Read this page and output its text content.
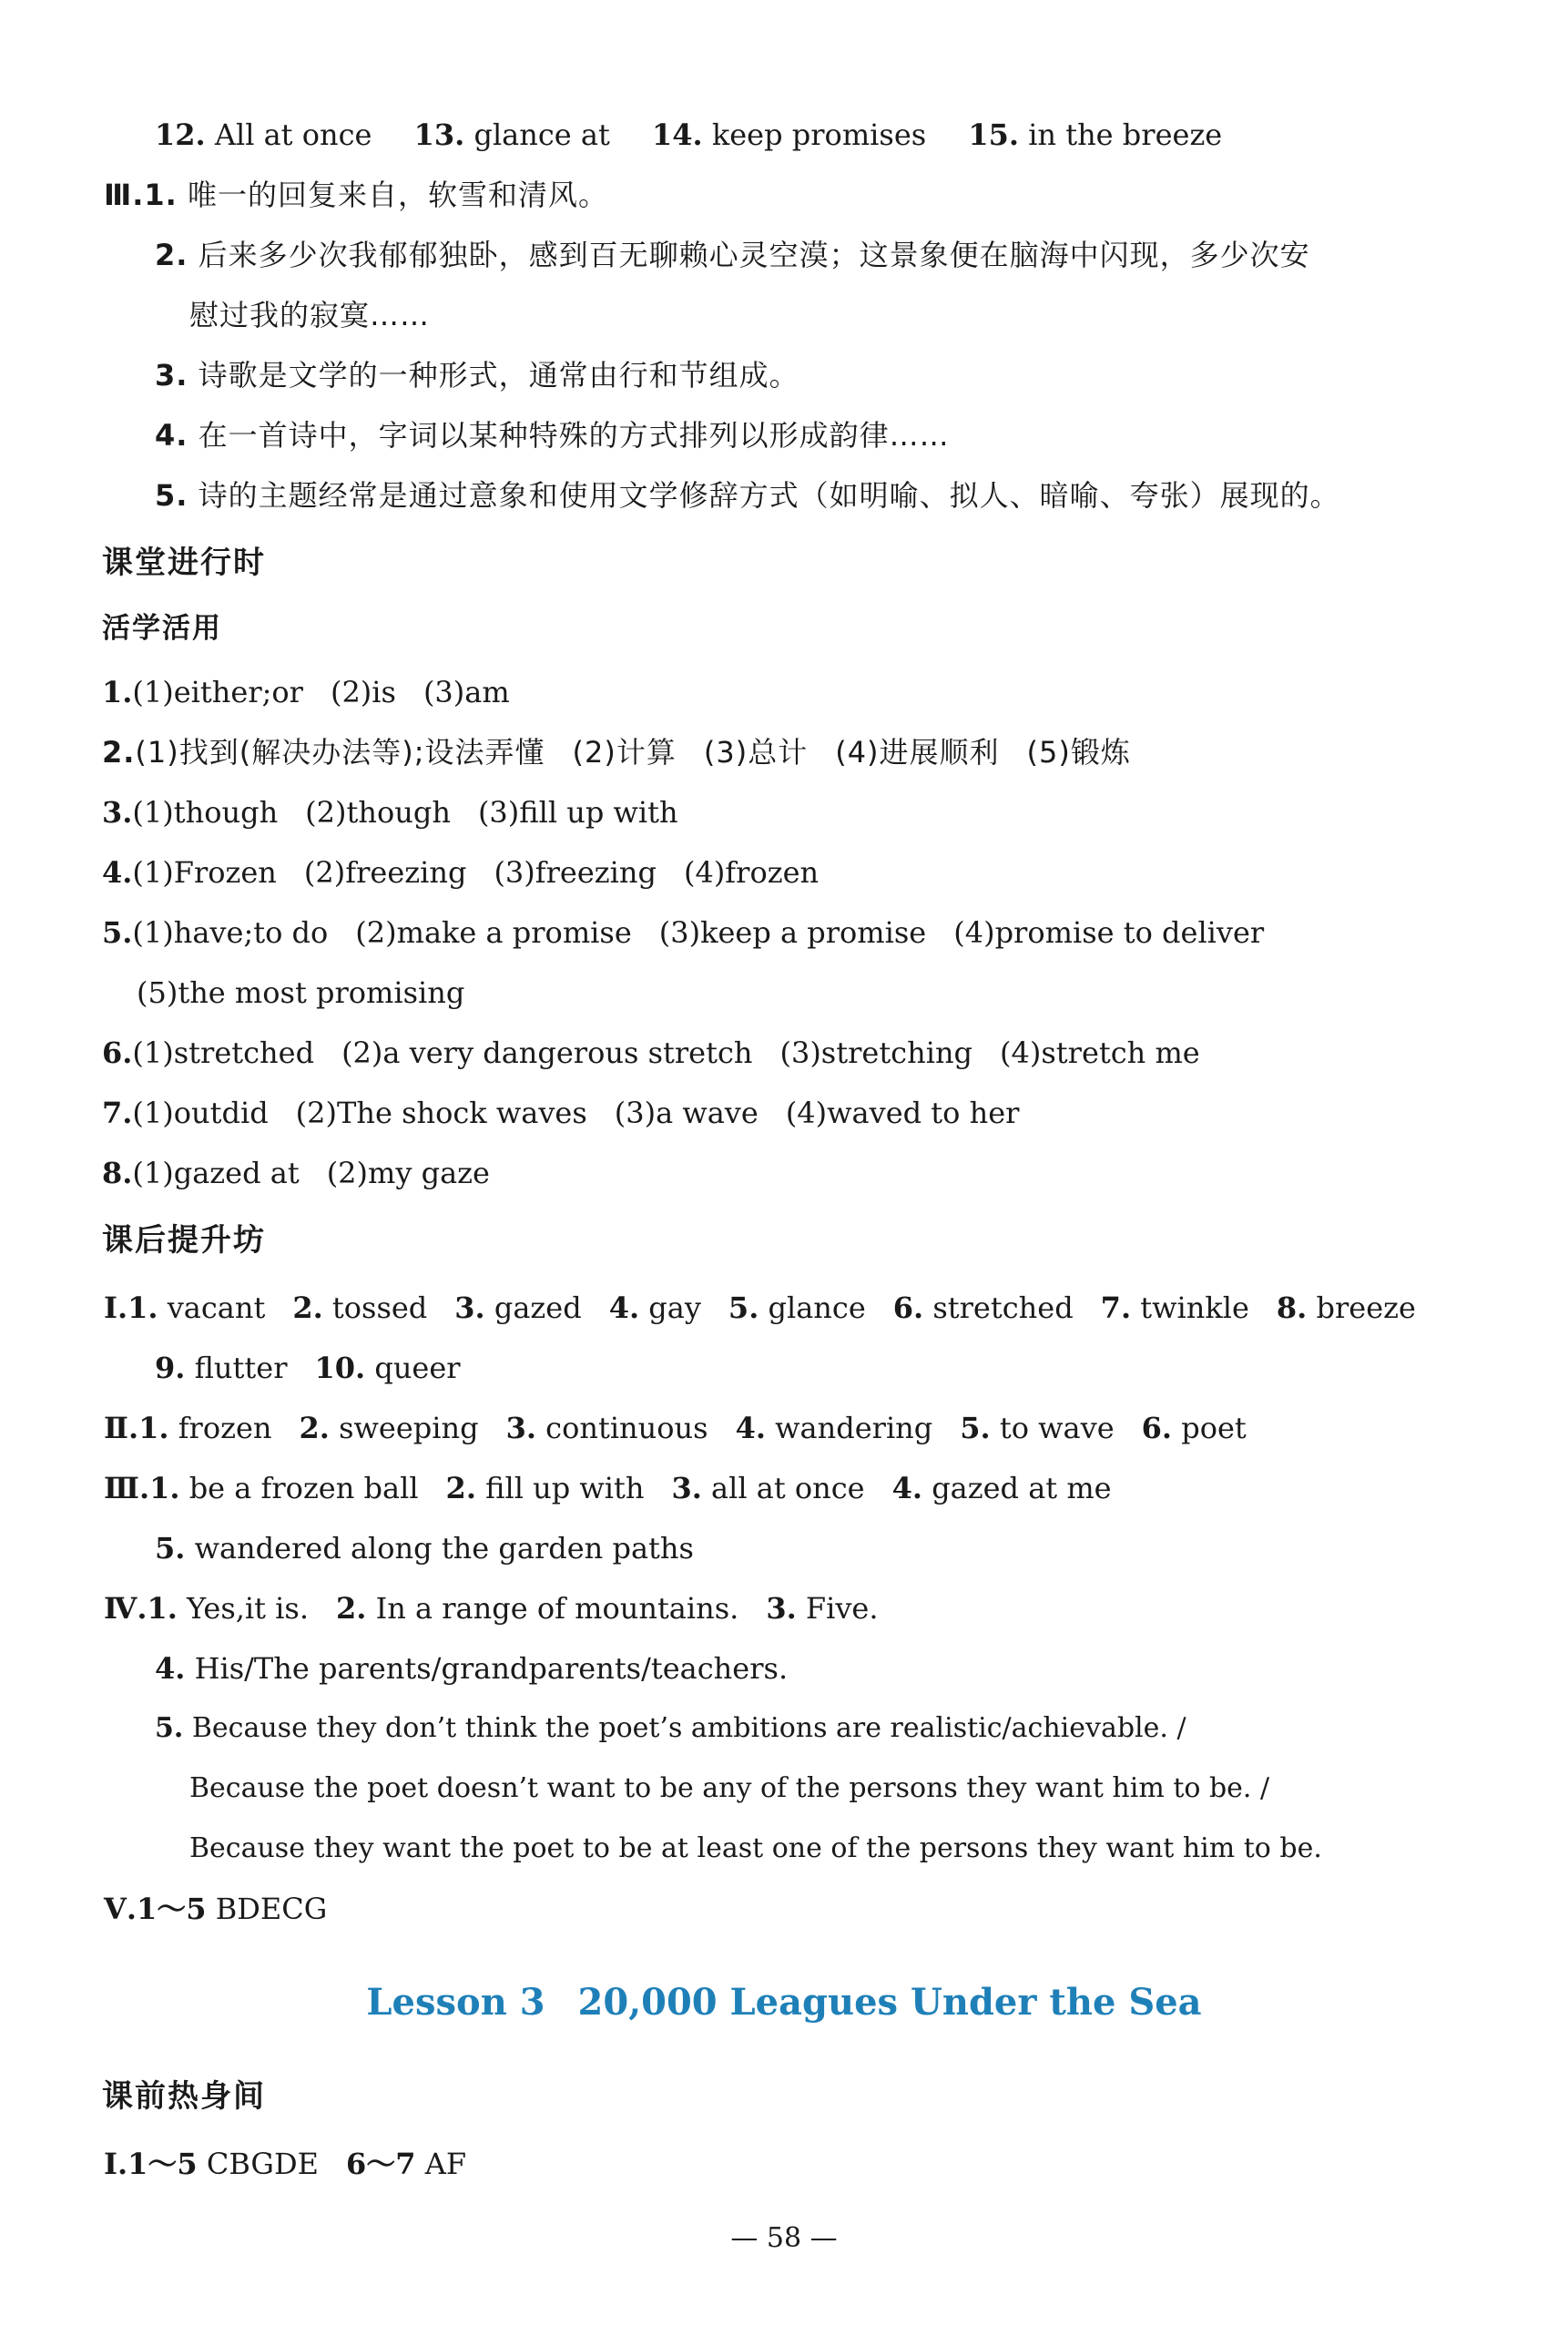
12. All at once 13. glance at 14. keep promises 15. in the breeze
Ⅲ.1. 唯一的回复来自，软雪和清风。
2. 后来多少次我郁郁独卧，感到百无聊赖心灵空漠；这景象便在脑海中闪现，多少次安
慰过我的寂寞……
3. 诗歌是文学的一种形式，通常由行和节组成。
4. 在一首诗中，字词以某种特殊的方式排列以形成韵律……
5. 诗的主题经常是通过意象和使用文学修辞方式（如明喻、拟人、暗喻、夸张）展现的。
课堂进行时
活学活用
1.(1)either;or (2)is (3)am
2.(1)找到(解决办法等);设法弄懂 (2)计算 (3)总计 (4)进展顺利 (5)锻炼
3.(1)though (2)though (3)fill up with
4.(1)Frozen (2)freezing (3)freezing (4)frozen
5.(1)have;to do (2)make a promise (3)keep a promise (4)promise to deliver
(5)the most promising
6.(1)stretched (2)a very dangerous stretch (3)stretching (4)stretch me
7.(1)outdid (2)The shock waves (3)a wave (4)waved to her
8.(1)gazed at (2)my gaze
课后提升坊
Ⅰ.1. vacant 2. tossed 3. gazed 4. gay 5. glance 6. stretched 7. twinkle 8. breeze
9. flutter 10. queer
Ⅱ.1. frozen 2. sweeping 3. continuous 4. wandering 5. to wave 6. poet
Ⅲ.1. be a frozen ball 2. fill up with 3. all at once 4. gazed at me
5. wandered along the garden paths
Ⅳ.1. Yes,it is. 2. In a range of mountains. 3. Five.
4. His/The parents/grandparents/teachers.
5. Because they don’t think the poet’s ambitions are realistic/achievable. /
Because the poet doesn’t want to be any of the persons they want him to be. /
Because they want the poet to be at least one of the persons they want him to be.
Ⅴ.1～5 BDECG
Lesson 3 20,000 Leagues Under the Sea
课前热身间
Ⅰ.1～5 CBGDE 6～7 AF
— 58 —
